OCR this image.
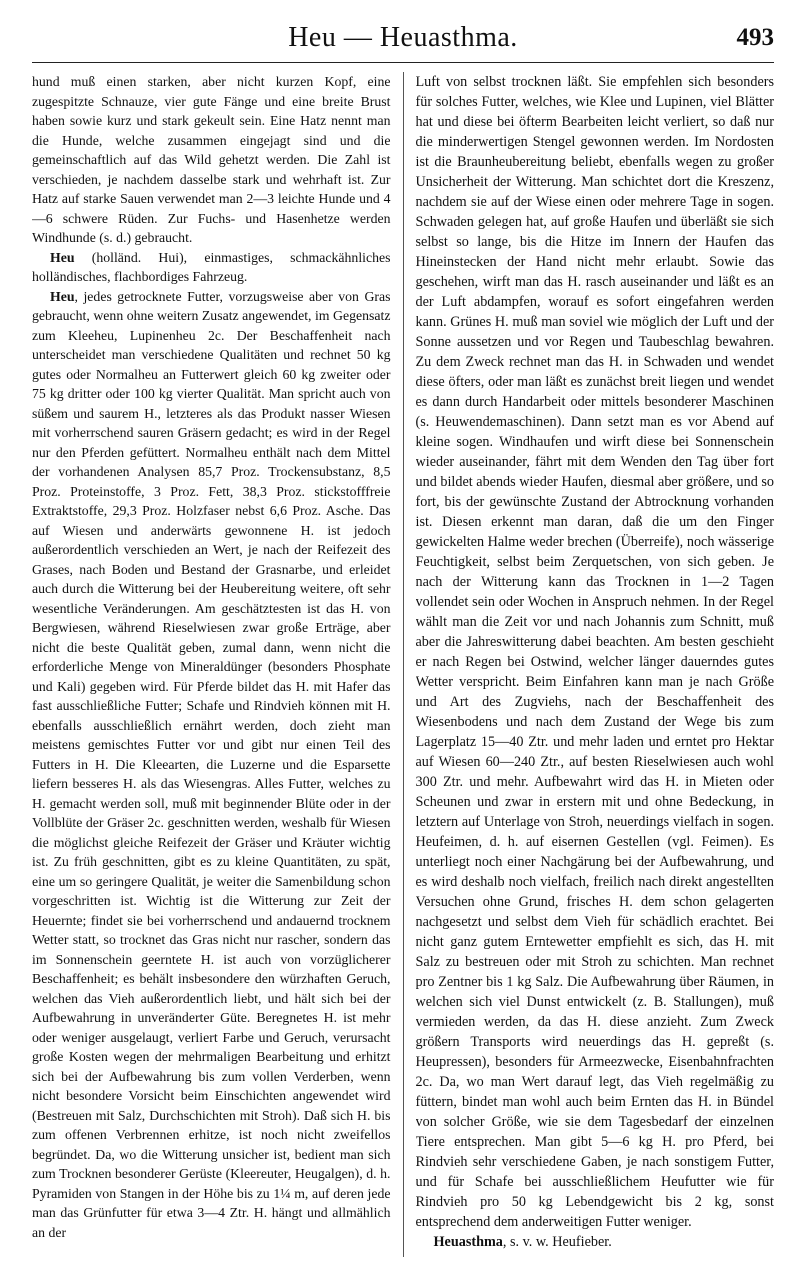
Heu — Heuasthma.	493

hund muß einen starken, aber nicht kurzen Kopf, eine zugespitzte Schnauze, vier gute Fänge und eine breite Brust haben sowie kurz und stark gekeult sein. Eine Hatz nennt man die Hunde, welche zusammen eingejagt sind und die gemeinschaftlich auf das Wild gehetzt werden. Die Zahl ist verschieden, je nachdem dasselbe stark und wehrhaft ist. Zur Hatz auf starke Sauen verwendet man 2—3 leichte Hunde und 4—6 schwere Rüden. Zur Fuchs- und Hasenhetze werden Windhunde (s. d.) gebraucht.

Heu (holländ. Hui), einmastiges, schmackähnliches holländisches, flachbordiges Fahrzeug.

Heu, jedes getrocknete Futter, vorzugsweise aber von Gras gebraucht, wenn ohne weitern Zusatz angewendet, im Gegensatz zum Kleeheu, Lupinenheu 2c. Der Beschaffenheit nach unterscheidet man verschiedene Qualitäten und rechnet 50 kg gutes oder Normalheu an Futterwert gleich 60 kg zweiter oder 75 kg dritter oder 100 kg vierter Qualität. Man spricht auch von süßem und saurem H., letzteres als das Produkt nasser Wiesen mit vorherrschend sauren Gräsern gedacht; es wird in der Regel nur den Pferden gefüttert. Normalheu enthält nach dem Mittel der vorhandenen Analysen 85,7 Proz. Trockensubstanz, 8,5 Proz. Proteinstoffe, 3 Proz. Fett, 38,3 Proz. stickstofffreie Extraktstoffe, 29,3 Proz. Holzfaser nebst 6,6 Proz. Asche. Das auf Wiesen und anderwärts gewonnene H. ist jedoch außerordentlich verschieden an Wert, je nach der Reifezeit des Grases, nach Boden und Bestand der Grasnarbe, und erleidet auch durch die Witterung bei der Heubereitung weitere, oft sehr wesentliche Veränderungen. Am geschätztesten ist das H. von Bergwiesen, während Rieselwiesen zwar große Erträge, aber nicht die beste Qualität geben, zumal dann, wenn nicht die erforderliche Menge von Mineraldünger (besonders Phosphate und Kali) gegeben wird. Für Pferde bildet das H. mit Hafer das fast ausschließliche Futter; Schafe und Rindvieh können mit H. ebenfalls ausschließlich ernährt werden, doch zieht man meistens gemischtes Futter vor und gibt nur einen Teil des Futters in H. Die Kleearten, die Luzerne und die Esparsette liefern besseres H. als das Wiesengras. Alles Futter, welches zu H. gemacht werden soll, muß mit beginnender Blüte oder in der Vollblüte der Gräser 2c. geschnitten werden, weshalb für Wiesen die möglichst gleiche Reifezeit der Gräser und Kräuter wichtig ist. Zu früh geschnitten, gibt es zu kleine Quantitäten, zu spät, eine um so geringere Qualität, je weiter die Samenbildung schon vorgeschritten ist. Wichtig ist die Witterung zur Zeit der Heuernte; findet sie bei vorherrschend und andauernd trocknem Wetter statt, so trocknet das Gras nicht nur rascher, sondern das im Sonnenschein geerntete H. ist auch von vorzüglicherer Beschaffenheit; es behält insbesondere den würzhaften Geruch, welchen das Vieh außerordentlich liebt, und hält sich bei der Aufbewahrung in unveränderter Güte. Beregnetes H. ist mehr oder weniger ausgelaugt, verliert Farbe und Geruch, verursacht große Kosten wegen der mehrmaligen Bearbeitung und erhitzt sich bei der Aufbewahrung bis zum vollen Verderben, wenn nicht besondere Vorsicht beim Einschichten angewendet wird (Bestreuen mit Salz, Durchschichten mit Stroh). Daß sich H. bis zum offenen Verbrennen erhitze, ist noch nicht zweifellos begründet. Da, wo die Witterung unsicher ist, bedient man sich zum Trocknen besonderer Gerüste (Kleereuter, Heugalgen), d. h. Pyramiden von Stangen in der Höhe bis zu 1¼ m, auf deren jede man das Grünfutter für etwa 3—4 Ztr. H. hängt und allmählich an der

Luft von selbst trocknen läßt. Sie empfehlen sich besonders für solches Futter, welches, wie Klee und Lupinen, viel Blätter hat und diese bei öfterm Bearbeiten leicht verliert, so daß nur die minderwertigen Stengel gewonnen werden. Im Nordosten ist die Braunheubereitung beliebt, ebenfalls wegen zu großer Unsicherheit der Witterung. Man schichtet dort die Kreszenz, nachdem sie auf der Wiese einen oder mehrere Tage in sogen. Schwaden gelegen hat, auf große Haufen und überläßt sie sich selbst so lange, bis die Hitze im Innern der Haufen das Hineinstecken der Hand nicht mehr erlaubt. Sowie das geschehen, wirft man das H. rasch auseinander und läßt es an der Luft abdampfen, worauf es sofort eingefahren werden kann. Grünes H. muß man soviel wie möglich der Luft und der Sonne aussetzen und vor Regen und Taubeschlag bewahren. Zu dem Zweck rechnet man das H. in Schwaden und wendet diese öfters, oder man läßt es zunächst breit liegen und wendet es dann durch Handarbeit oder mittels besonderer Maschinen (s. Heuwendemaschinen). Dann setzt man es vor Abend auf kleine sogen. Windhaufen und wirft diese bei Sonnenschein wieder auseinander, fährt mit dem Wenden den Tag über fort und bildet abends wieder Haufen, diesmal aber größere, und so fort, bis der gewünschte Zustand der Abtrocknung vorhanden ist. Diesen erkennt man daran, daß die um den Finger gewickelten Halme weder brechen (Überreife), noch wässerige Feuchtigkeit, selbst beim Zerquetschen, von sich geben. Je nach der Witterung kann das Trocknen in 1—2 Tagen vollendet sein oder Wochen in Anspruch nehmen. In der Regel wählt man die Zeit vor und nach Johannis zum Schnitt, muß aber die Jahreswitterung dabei beachten. Am besten geschieht er nach Regen bei Ostwind, welcher länger dauerndes gutes Wetter verspricht. Beim Einfahren kann man je nach Größe und Art des Zugviehs, nach der Beschaffenheit des Wiesenbodens und nach dem Zustand der Wege bis zum Lagerplatz 15—40 Ztr. und mehr laden und erntet pro Hektar auf Wiesen 60—240 Ztr., auf besten Rieselwiesen auch wohl 300 Ztr. und mehr. Aufbewahrt wird das H. in Mieten oder Scheunen und zwar in erstern mit und ohne Bedeckung, in letztern auf Unterlage von Stroh, neuerdings vielfach in sogen. Heufeimen, d. h. auf eisernen Gestellen (vgl. Feimen). Es unterliegt noch einer Nachgärung bei der Aufbewahrung, und es wird deshalb noch vielfach, freilich nach direkt angestellten Versuchen ohne Grund, frisches H. dem schon gelagerten nachgesetzt und selbst dem Vieh für schädlich erachtet. Bei nicht ganz gutem Erntewetter empfiehlt es sich, das H. mit Salz zu bestreuen oder mit Stroh zu schichten. Man rechnet pro Zentner bis 1 kg Salz. Die Aufbewahrung über Räumen, in welchen sich viel Dunst entwickelt (z. B. Stallungen), muß vermieden werden, da das H. diese anzieht. Zum Zweck größern Transports wird neuerdings das H. gepreßt (s. Heupressen), besonders für Armeezwecke, Eisenbahnfrachten 2c. Da, wo man Wert darauf legt, das Vieh regelmäßig zu füttern, bindet man wohl auch beim Ernten das H. in Bündel von solcher Größe, wie sie dem Tagesbedarf der einzelnen Tiere entsprechen. Man gibt 5—6 kg H. pro Pferd, bei Rindvieh sehr verschiedene Gaben, je nach sonstigem Futter, und für Schafe bei ausschließlichem Heufutter wie für Rindvieh pro 50 kg Lebendgewicht bis 2 kg, sonst entsprechend dem anderweitigen Futter weniger.

Heuasthma, s. v. w. Heufieber.
